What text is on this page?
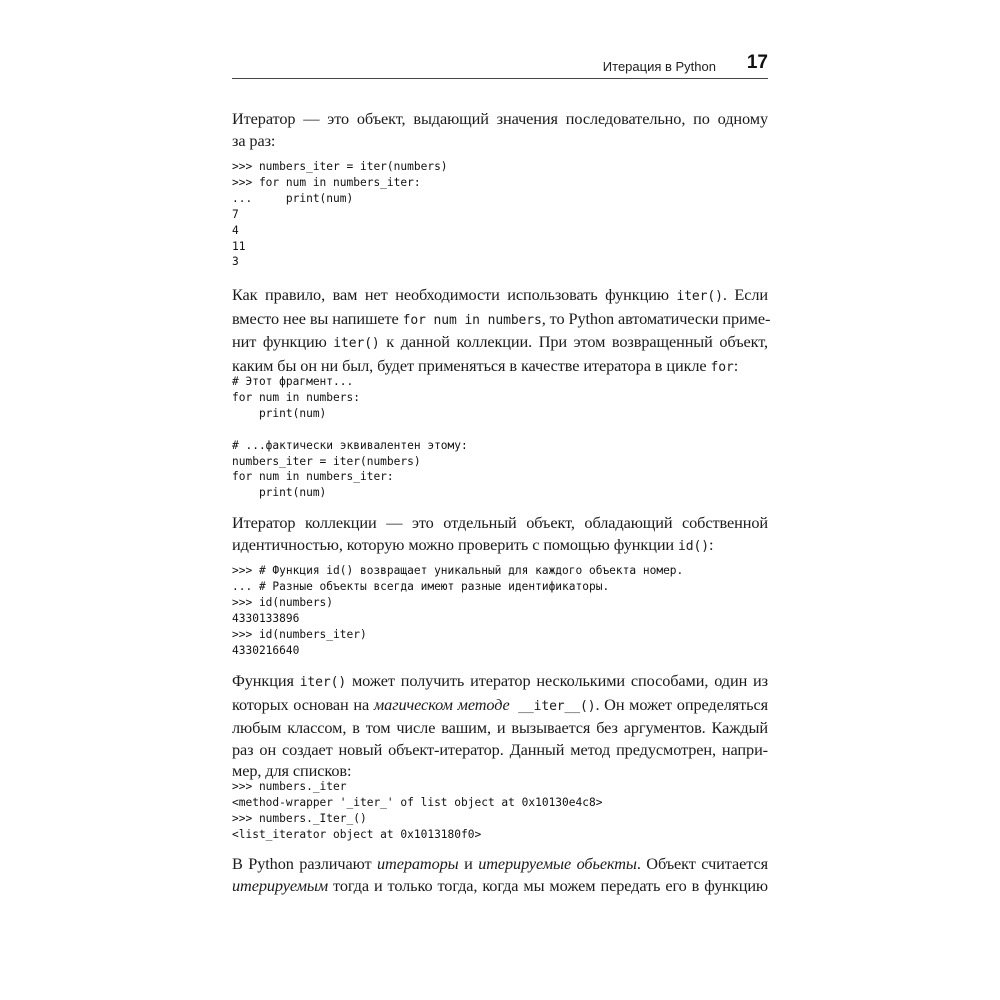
Итерация в Python 17

Итератор — это объект, выдающий значения последовательно, по одному
за раз:

>>> numbers_iter = iter(numbers)
>>> for num in numbers_iter:
...     print(num)
7
4
11
3

Как правило, вам нет необходимости использовать функцию iter(). Если
вместо нее вы напишете for num in numbers, то Python автоматически приме-
нит функцию iter() к данной коллекции. При этом возвращенный объект,
каким бы он ни был, будет применяться в качестве итератора в цикле for:

# Этот фрагмент...
for num in numbers:
print(num)

# ...фактически эквивалентен этому:
numbers_iter = iter(numbers)
for num in numbers_iter:
print(num)

Итератор коллекции — это отдельный объект, обладающий собственной
идентичностью, которую можно проверить с помощью функции id():

>>> # Функция id() возвращает уникальный для каждого объекта номер.
... # Разные объекты всегда имеют разные идентификаторы.
>>> id(numbers)
4330133896
>>> id(numbers_iter)
4330216640

Функция iter() может получить итератор несколькими способами, один из
которых основан на магическом методе __iter__(). Он может определяться
любым классом, в том числе вашим, и вызывается без аргументов. Каждый
раз он создает новый объект-итератор. Данный метод предусмотрен, напри-
мер, для списков:

>>> numbers._iter
<method-wrapper '_iter_' of list object at 0x10130e4c8>
>>> numbers._Iter_()
<list_iterator object at 0x1013180f0>

В Python различают итераторы и итерируемые обьекты. Объект считается
итерируемым тогда и только тогда, когда мы можем передать его в функцию
